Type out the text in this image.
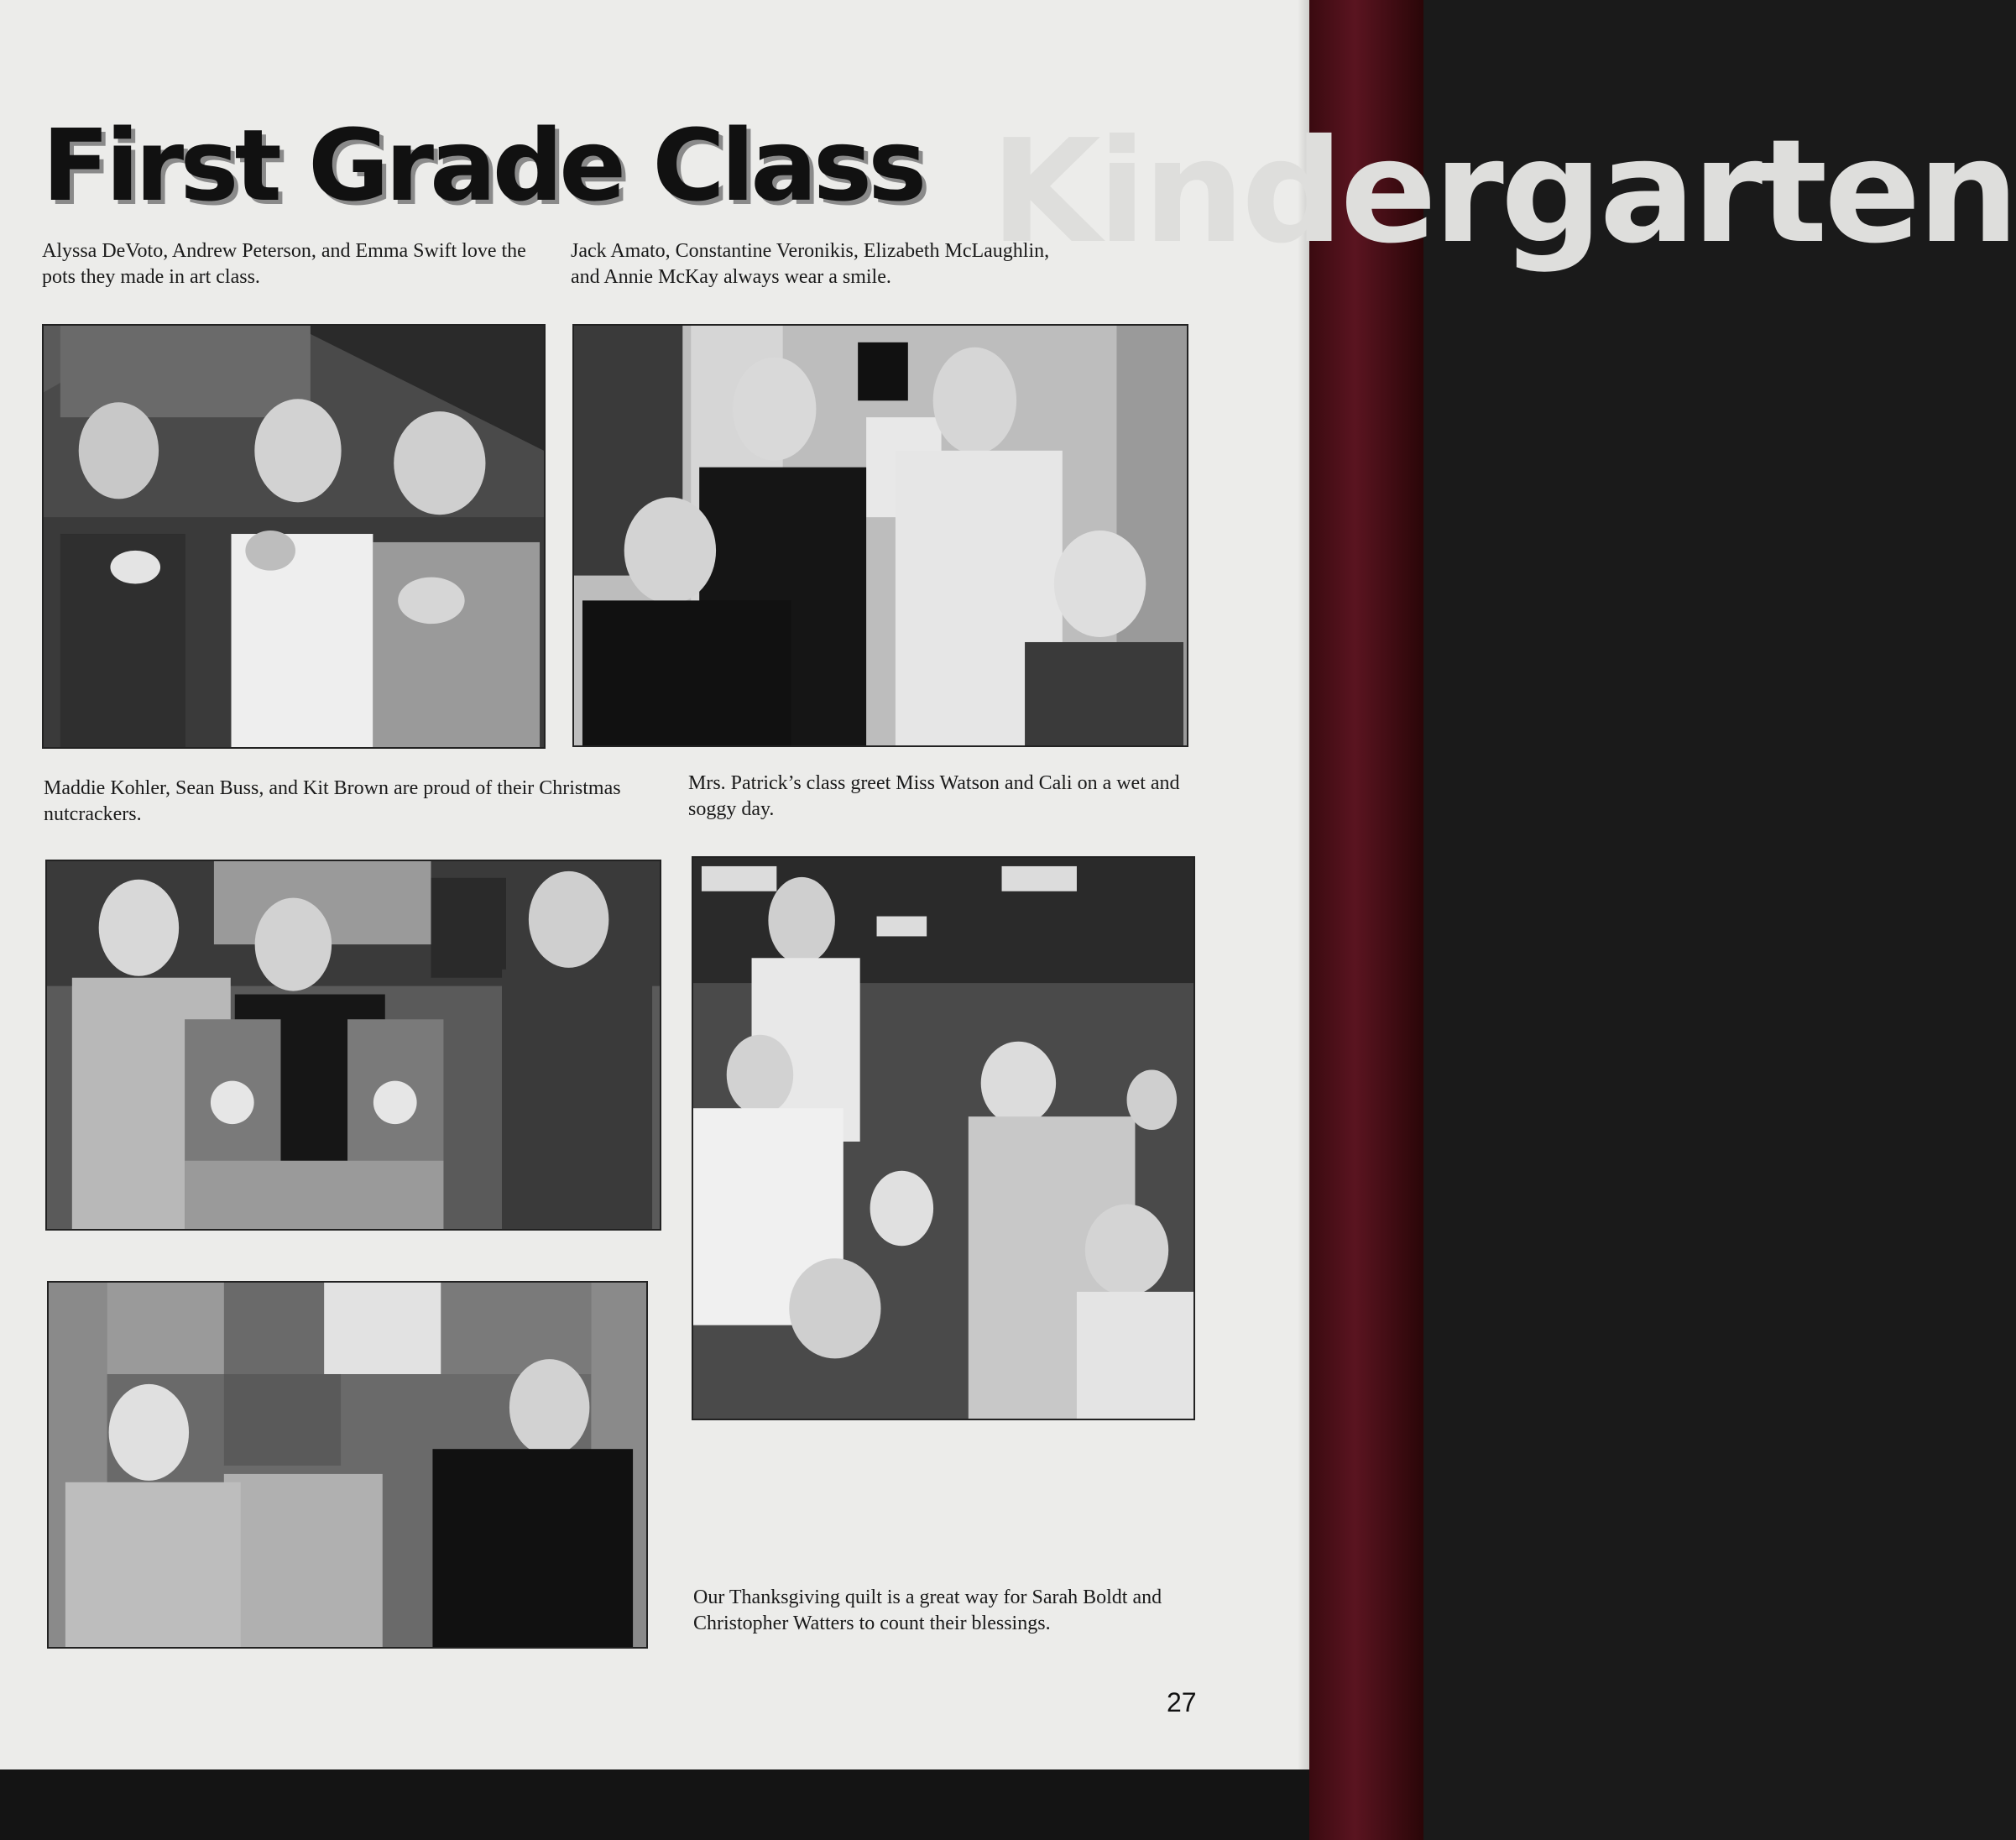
Kindergarten
First Grade Class

Alyssa DeVoto, Andrew Peterson, and Emma Swift love the pots they made in art class.

Jack Amato, Constantine Veronikis, Elizabeth McLaughlin, and Annie McKay always wear a smile.

Maddie Kohler, Sean Buss, and Kit Brown are proud of their Christmas nutcrackers.

Mrs. Patrick’s class greet Miss Watson and Cali on a wet and soggy day.

Our Thanksgiving quilt is a great way for Sarah Boldt and Christopher Watters to count their blessings.

27
